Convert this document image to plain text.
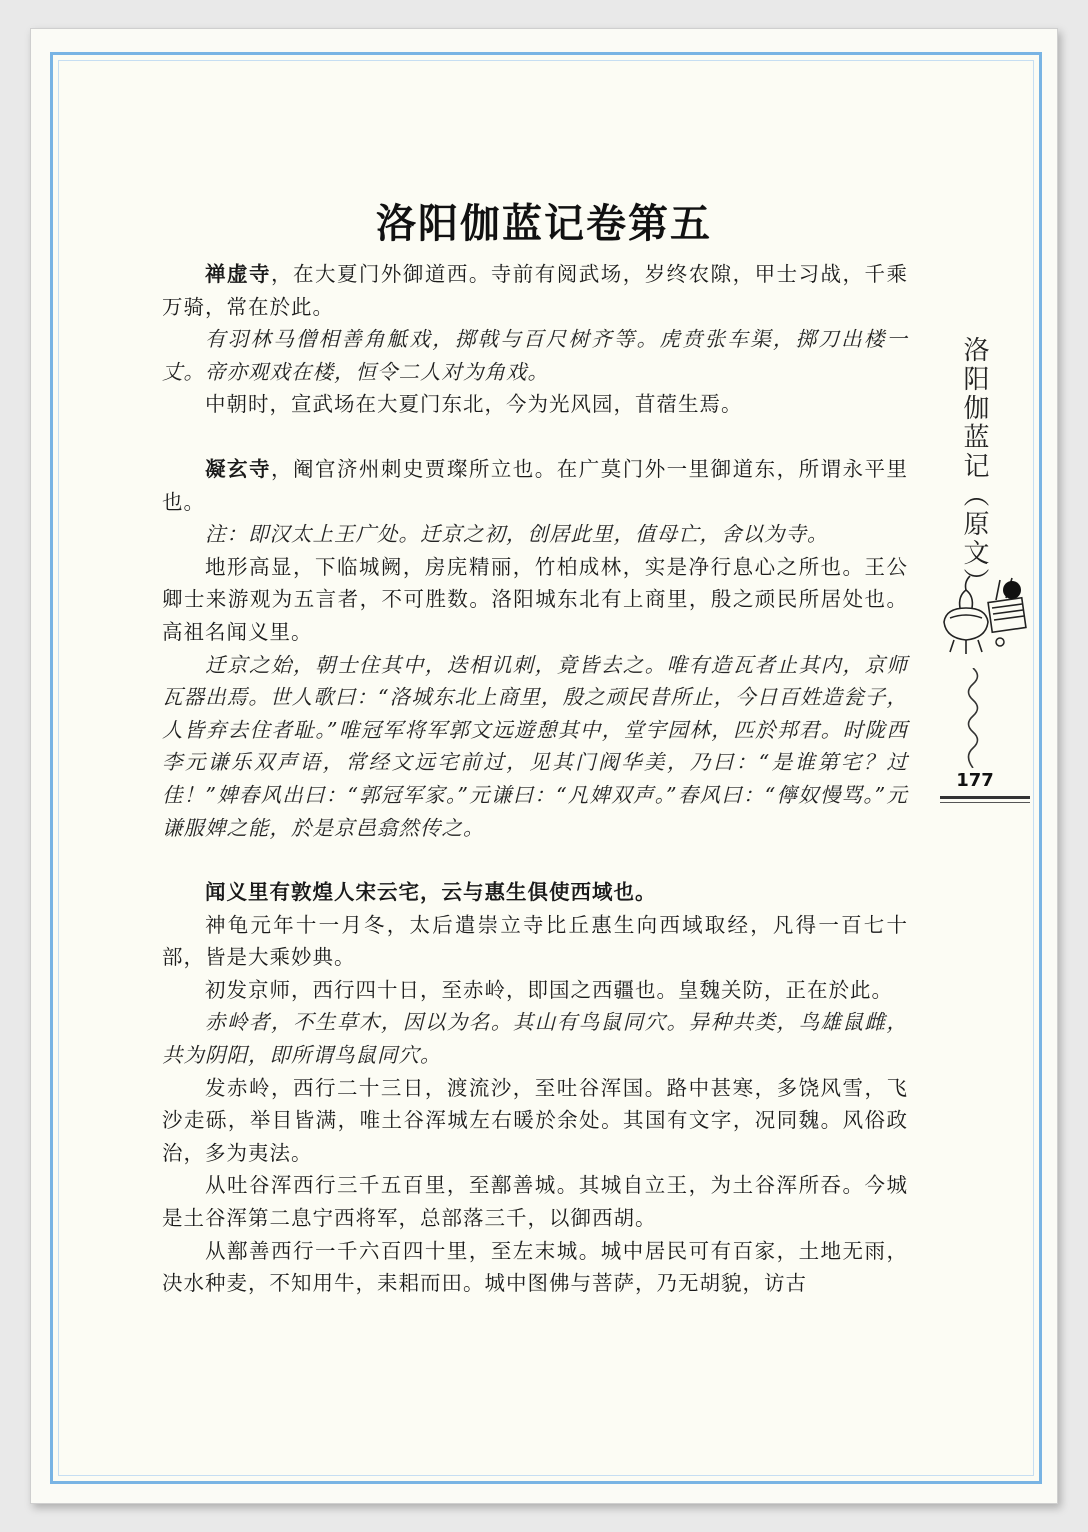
洛阳伽蓝记卷第五

禅虚寺，在大夏门外御道西。寺前有阅武场，岁终农隙，甲士习战，千乘万骑，常在於此。

有羽林马僧相善角觝戏，掷戟与百尺树齐等。虎贲张车渠，掷刀出楼一丈。帝亦观戏在楼，恒令二人对为角戏。

中朝时，宣武场在大夏门东北，今为光风园，苜蓿生焉。

凝玄寺，阉官济州刺史贾璨所立也。在广莫门外一里御道东，所谓永平里也。

注：即汉太上王广处。迁京之初，创居此里，值母亡，舍以为寺。

地形高显，下临城阙，房庑精丽，竹柏成林，实是净行息心之所也。王公卿士来游观为五言者，不可胜数。洛阳城东北有上商里，殷之顽民所居处也。高祖名闻义里。

迁京之始，朝士住其中，迭相讥刺，竟皆去之。唯有造瓦者止其内，京师瓦器出焉。世人歌曰：“洛城东北上商里，殷之顽民昔所止，今日百姓造瓮子，人皆弃去住者耻。”唯冠军将军郭文远遊憩其中，堂宇园林，匹於邦君。时陇西李元谦乐双声语，常经文远宅前过，见其门阀华美，乃曰：“是谁第宅？过佳！”婢春风出曰：“郭冠军家。”元谦曰：“凡婢双声。”春风曰：“儜奴慢骂。”元谦服婢之能，於是京邑翕然传之。

闻义里有敦煌人宋云宅，云与惠生俱使西域也。

神龟元年十一月冬，太后遣崇立寺比丘惠生向西域取经，凡得一百七十部，皆是大乘妙典。

初发京师，西行四十日，至赤岭，即国之西疆也。皇魏关防，正在於此。

赤岭者，不生草木，因以为名。其山有鸟鼠同穴。异种共类，鸟雄鼠雌，共为阴阳，即所谓鸟鼠同穴。

发赤岭，西行二十三日，渡流沙，至吐谷浑国。路中甚寒，多饶风雪，飞沙走砾，举目皆满，唯土谷浑城左右暖於余处。其国有文字，况同魏。风俗政治，多为夷法。

从吐谷浑西行三千五百里，至鄯善城。其城自立王，为土谷浑所吞。今城是土谷浑第二息宁西将军，总部落三千，以御西胡。

从鄯善西行一千六百四十里，至左末城。城中居民可有百家，土地无雨，决水种麦，不知用牛，耒耜而田。城中图佛与菩萨，乃无胡貌，访古

洛阳伽蓝记（原文）
177
